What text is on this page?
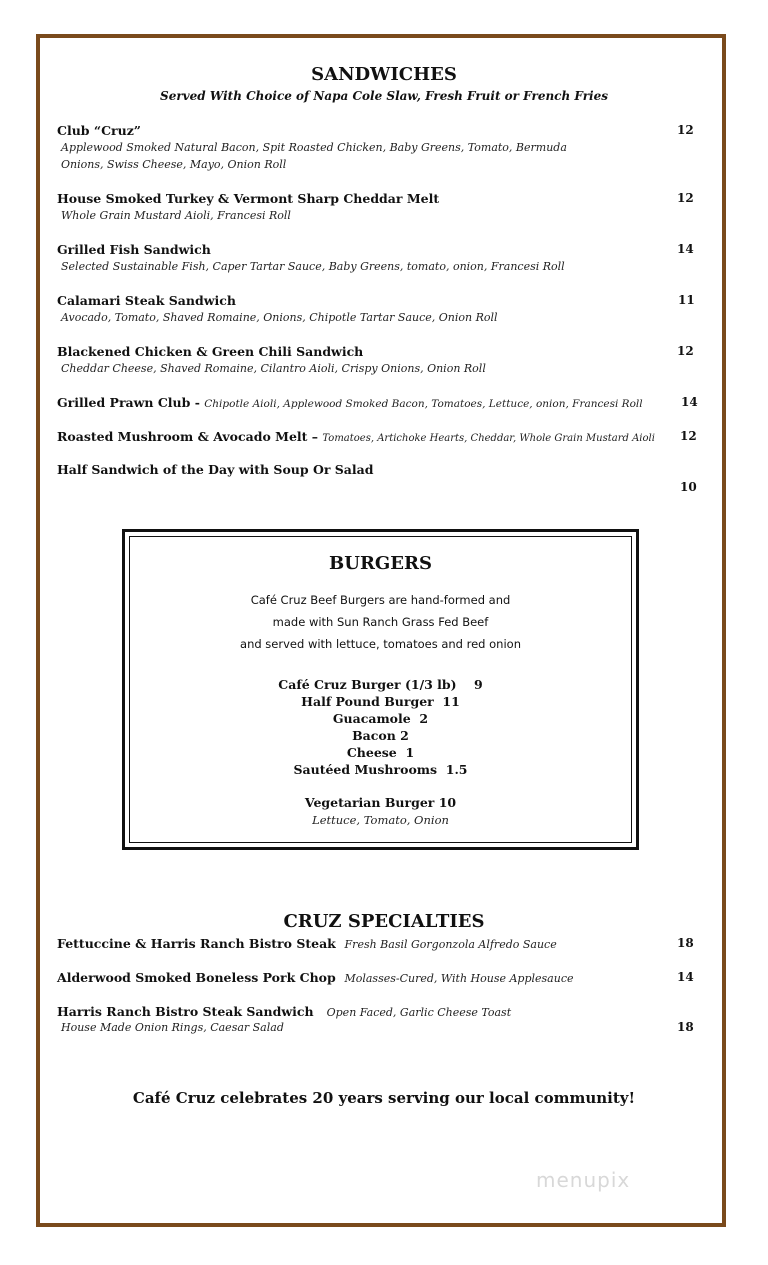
SANDWICHES
Served With Choice of Napa Cole Slaw, Fresh Fruit or French Fries
Club “Cruz”	12
Applewood Smoked Natural Bacon, Spit Roasted Chicken, Baby Greens, Tomato, Bermuda
Onions, Swiss Cheese, Mayo, Onion Roll
House Smoked Turkey & Vermont Sharp Cheddar Melt	12
Whole Grain Mustard Aioli, Francesi Roll
Grilled Fish Sandwich	14
Selected Sustainable Fish, Caper Tartar Sauce, Baby Greens, tomato, onion, Francesi Roll
Calamari Steak Sandwich	11
Avocado, Tomato, Shaved Romaine, Onions, Chipotle Tartar Sauce, Onion Roll
Blackened Chicken & Green Chili Sandwich	12
Cheddar Cheese, Shaved Romaine, Cilantro Aioli, Crispy Onions, Onion Roll
Grilled Prawn Club - Chipotle Aioli, Applewood Smoked Bacon, Tomatoes, Lettuce, onion, Francesi Roll	14
Roasted Mushroom & Avocado Melt – Tomatoes, Artichoke Hearts, Cheddar, Whole Grain Mustard Aioli 12
Half Sandwich of the Day with Soup Or Salad
10
BURGERS
Café Cruz Beef Burgers are hand-formed and
made with Sun Ranch Grass Fed Beef
and served with lettuce, tomatoes and red onion
Café Cruz Burger (1/3 lb)    9
Half Pound Burger  11
Guacamole  2
Bacon 2
Cheese  1
Sautéed Mushrooms  1.5
Vegetarian Burger 10
Lettuce, Tomato, Onion
CRUZ SPECIALTIES
Fettuccine & Harris Ranch Bistro Steak Fresh Basil Gorgonzola Alfredo Sauce	18
Alderwood Smoked Boneless Pork Chop Molasses-Cured, With House Applesauce	14
Harris Ranch Bistro Steak Sandwich Open Faced, Garlic Cheese Toast
House Made Onion Rings, Caesar Salad	18
Café Cruz celebrates 20 years serving our local community!
menupix
